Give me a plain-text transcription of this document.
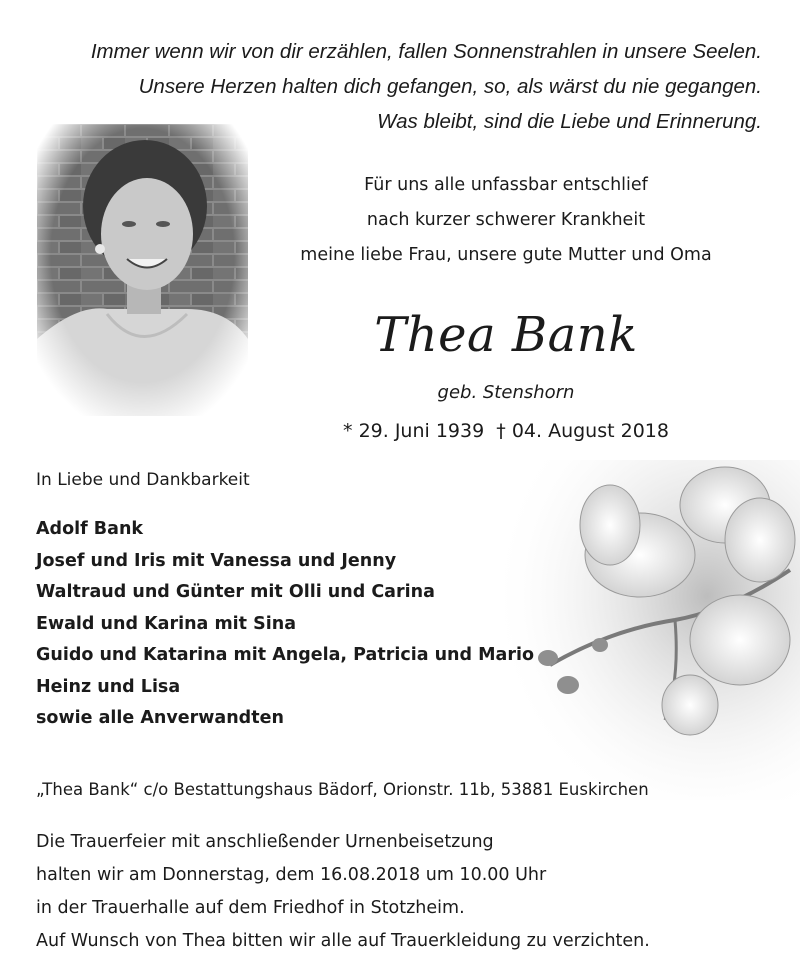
Immer wenn wir von dir erzählen, fallen Sonnenstrahlen in unsere Seelen.
Unsere Herzen halten dich gefangen, so, als wärst du nie gegangen.
Was bleibt, sind die Liebe und Erinnerung.
Für uns alle unfassbar entschlief
nach kurzer schwerer Krankheit
meine liebe Frau, unsere gute Mutter und Oma
Thea Bank
geb. Stenshorn
* 29. Juni 1939 † 04. August 2018
In Liebe und Dankbarkeit
Adolf Bank
Josef und Iris mit Vanessa und Jenny
Waltraud und Günter mit Olli und Carina
Ewald und Karina mit Sina
Guido und Katarina mit Angela, Patricia und Mario
Heinz und Lisa
sowie alle Anverwandten
„Thea Bank“ c/o Bestattungshaus Bädorf, Orionstr. 11b, 53881 Euskirchen
Die Trauerfeier mit anschließender Urnenbeisetzung
halten wir am Donnerstag, dem 16.08.2018 um 10.00 Uhr
in der Trauerhalle auf dem Friedhof in Stotzheim.
Auf Wunsch von Thea bitten wir alle auf Trauerkleidung zu verzichten.
